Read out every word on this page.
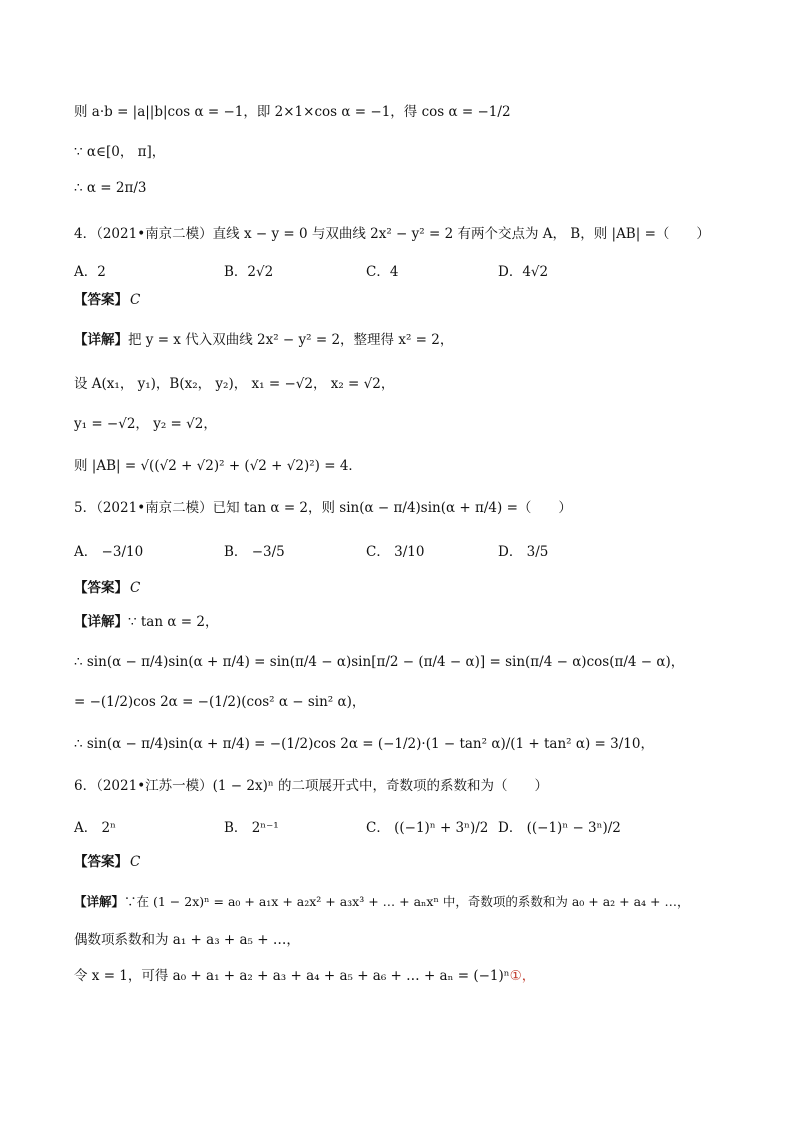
则 a·b = |a||b|cos α = −1，即 2×1×cos α = −1，得 cos α = −1/2
∵ α∈[0， π]，
∴ α = 2π/3
4．（2021•南京二模）直线 x − y = 0 与双曲线 2x² − y² = 2 有两个交点为 A， B，则 |AB| =（　　）
A．2	B．2√2	C．4	D．4√2
【答案】 C
【详解】把 y = x 代入双曲线 2x² − y² = 2，整理得 x² = 2，
设 A(x₁， y₁)，B(x₂， y₂)， x₁ = −√2， x₂ = √2，
y₁ = −√2， y₂ = √2，
则 |AB| = √((√2 + √2)² + (√2 + √2)²) = 4．
5．（2021•南京二模）已知 tan α = 2，则 sin(α − π/4)sin(α + π/4) =（　　）
A． −3/10	B． −3/5	C． 3/10	D． 3/5
【答案】 C
【详解】∵ tan α = 2，
∴ sin(α − π/4)sin(α + π/4) = sin(π/4 − α)sin[π/2 − (π/4 − α)] = sin(π/4 − α)cos(π/4 − α)，
= −(1/2)cos 2α = −(1/2)(cos² α − sin² α)，
∴ sin(α − π/4)sin(α + π/4) = −(1/2)cos 2α = (−1/2)·(1 − tan² α)/(1 + tan² α) = 3/10，
6．（2021•江苏一模）(1 − 2x)ⁿ 的二项展开式中，奇数项的系数和为（　　）
A． 2ⁿ	B． 2ⁿ⁻¹	C． ((−1)ⁿ + 3ⁿ)/2 D． ((−1)ⁿ − 3ⁿ)/2
【答案】 C
【详解】∵在 (1 − 2x)ⁿ = a₀ + a₁x + a₂x² + a₃x³ + … + aₙxⁿ 中，奇数项的系数和为 a₀ + a₂ + a₄ + …，
偶数项系数和为 a₁ + a₃ + a₅ + …，
令 x = 1，可得 a₀ + a₁ + a₂ + a₃ + a₄ + a₅ + a₆ + … + aₙ = (−1)ⁿ①，
